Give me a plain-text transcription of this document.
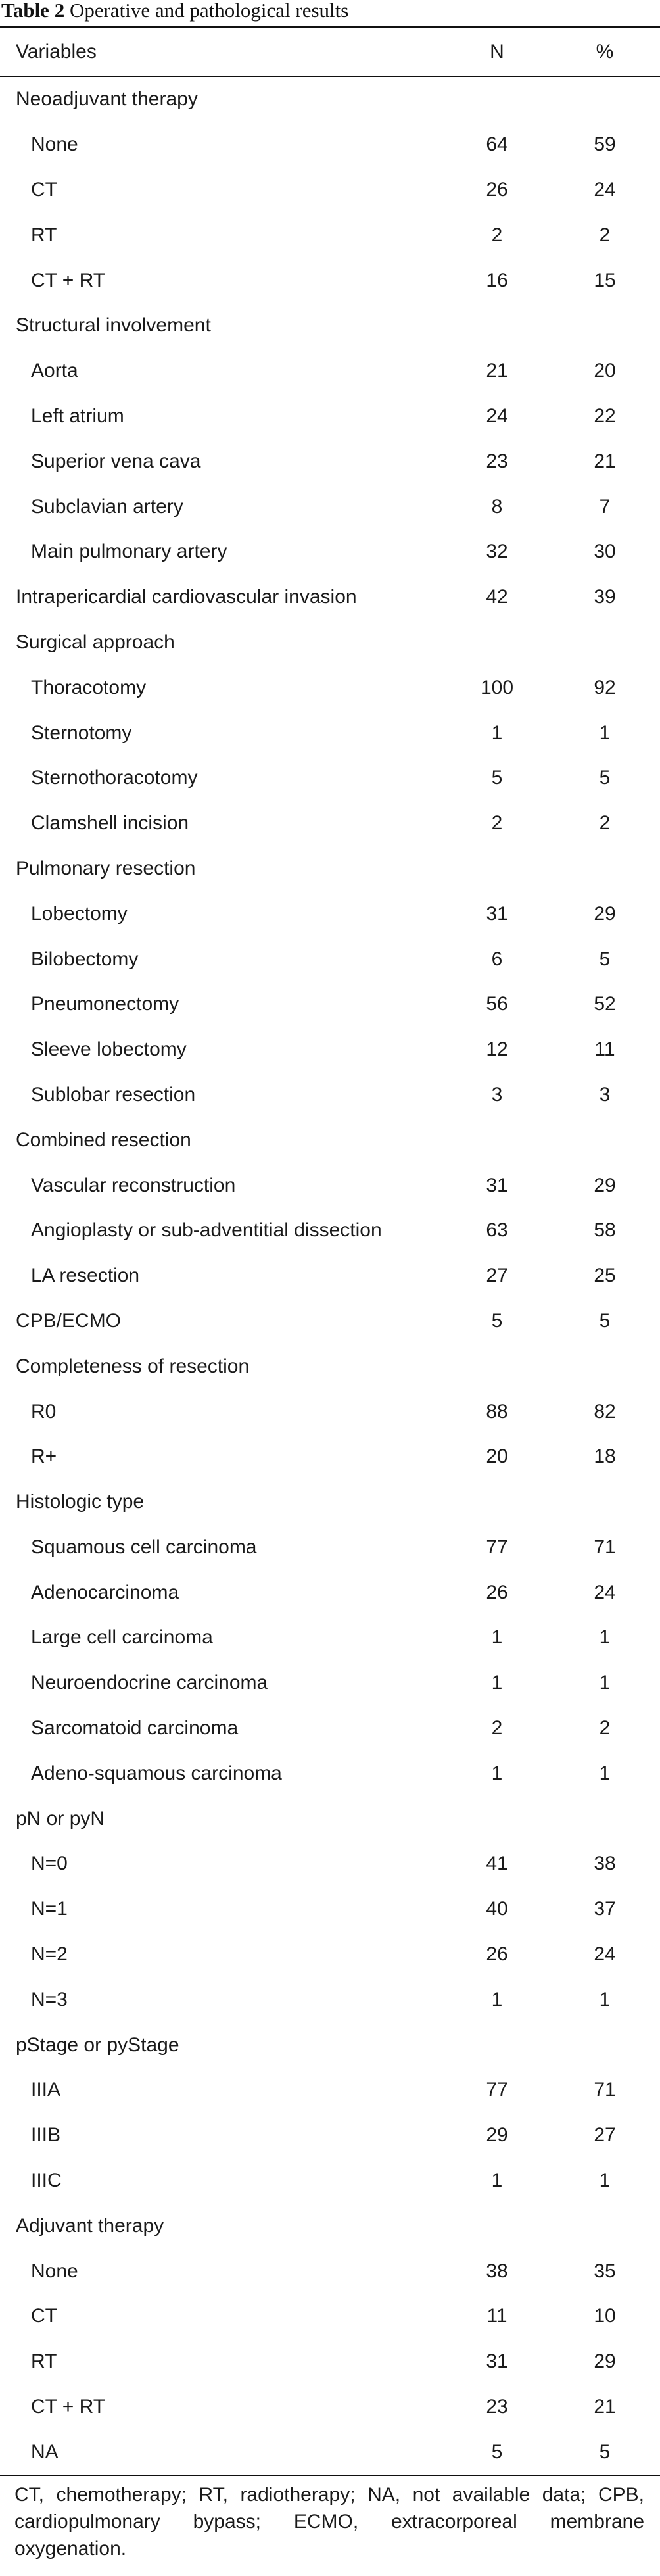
Table 2 Operative and pathological results
Variables	N	%
Neoadjuvant therapy
None	64	59
CT	26	24
RT	2	2
CT + RT	16	15
Structural involvement
Aorta	21	20
Left atrium	24	22
Superior vena cava	23	21
Subclavian artery	8	7
Main pulmonary artery	32	30
Intrapericardial cardiovascular invasion	42	39
Surgical approach
Thoracotomy	100	92
Sternotomy	1	1
Sternothoracotomy	5	5
Clamshell incision	2	2
Pulmonary resection
Lobectomy	31	29
Bilobectomy	6	5
Pneumonectomy	56	52
Sleeve lobectomy	12	11
Sublobar resection	3	3
Combined resection
Vascular reconstruction	31	29
Angioplasty or sub-adventitial dissection	63	58
LA resection	27	25
CPB/ECMO	5	5
Completeness of resection
R0	88	82
R+	20	18
Histologic type
Squamous cell carcinoma	77	71
Adenocarcinoma	26	24
Large cell carcinoma	1	1
Neuroendocrine carcinoma	1	1
Sarcomatoid carcinoma	2	2
Adeno-squamous carcinoma	1	1
pN or pyN
N=0	41	38
N=1	40	37
N=2	26	24
N=3	1	1
pStage or pyStage
IIIA	77	71
IIIB	29	27
IIIC	1	1
Adjuvant therapy
None	38	35
CT	11	10
RT	31	29
CT + RT	23	21
NA	5	5
CT, chemotherapy; RT, radiotherapy; NA, not available data; CPB, cardiopulmonary bypass; ECMO, extracorporeal membrane oxygenation.
